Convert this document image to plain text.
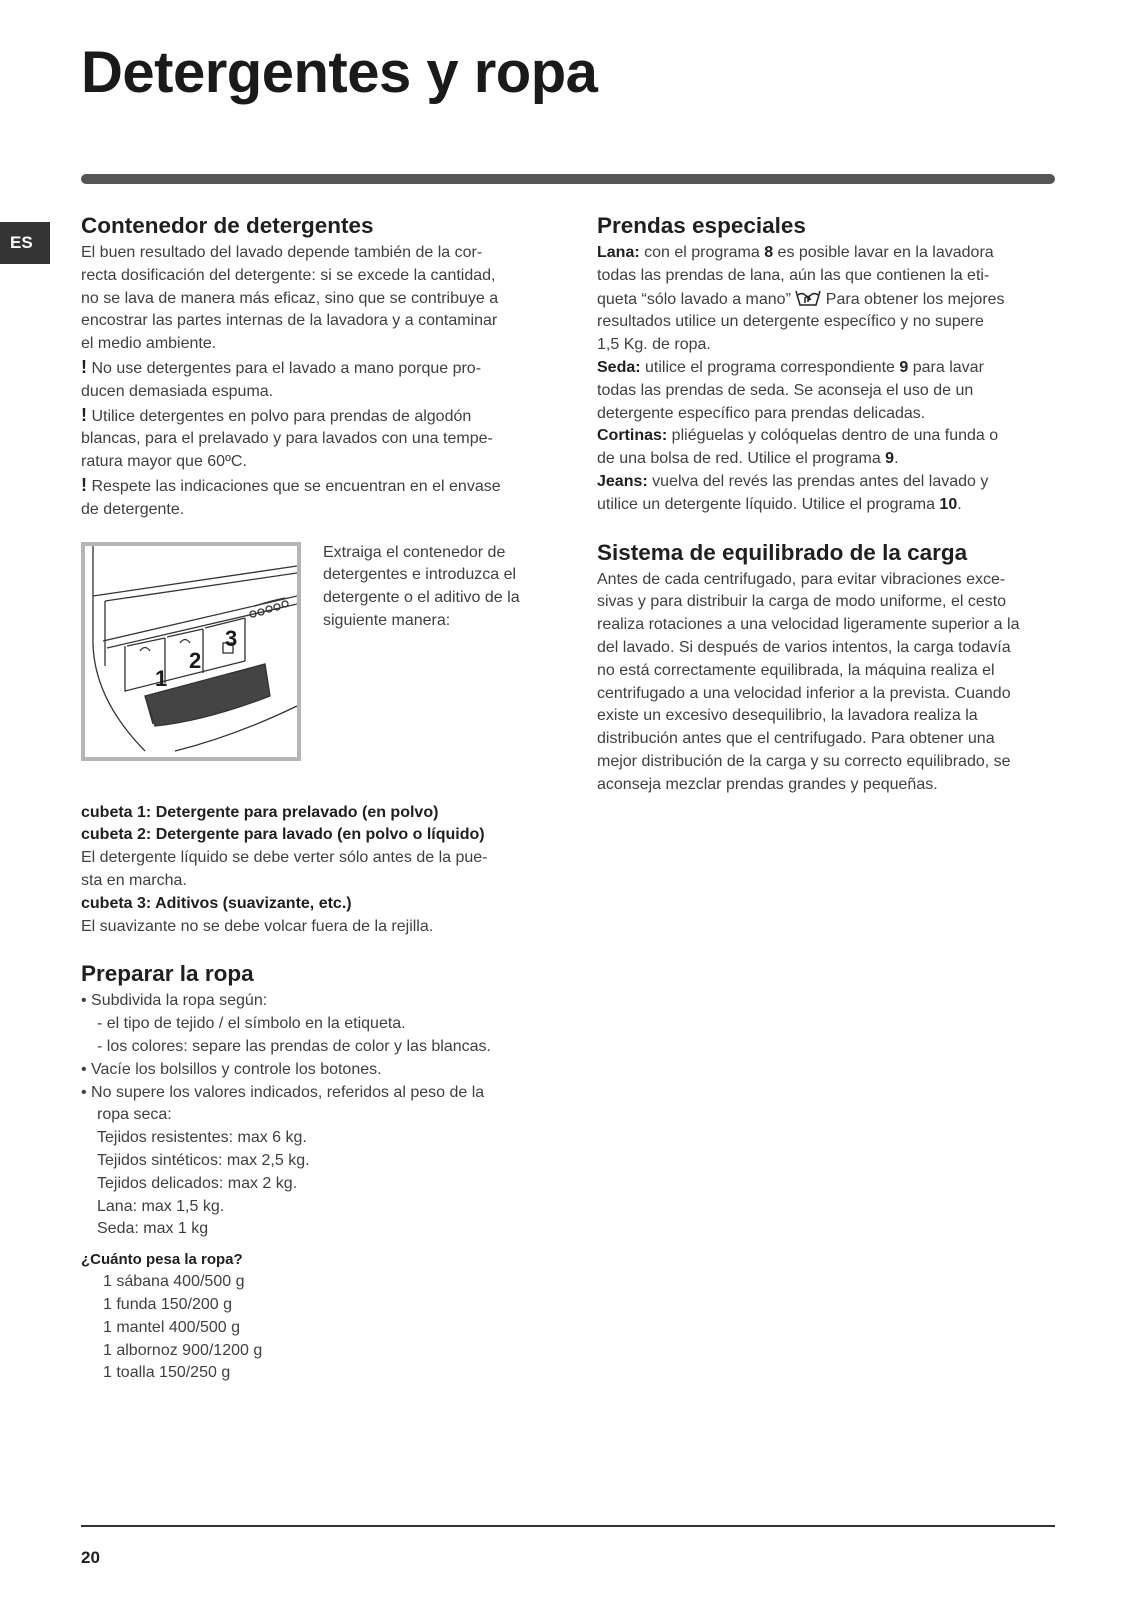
Detergentes y ropa
ES
Contenedor de detergentes
El buen resultado del lavado depende también de la cor-
recta dosificación del detergente: si se excede la cantidad,
no se lava de manera más eficaz, sino que se contribuye a
encostrar las partes internas de la lavadora y a contaminar
el medio ambiente.
! No use detergentes para el lavado a mano porque pro-
ducen demasiada espuma.
! Utilice detergentes en polvo para prendas de algodón
blancas, para el prelavado y para lavados con una tempe-
ratura mayor que 60ºC.
! Respete las indicaciones que se encuentran en el envase
de detergente.
1
2
3
Extraiga el contenedor de
detergentes e introduzca el
detergente o el aditivo de la
siguiente manera:
cubeta 1: Detergente para prelavado (en polvo)
cubeta 2: Detergente para lavado (en polvo o líquido)
El detergente líquido se debe verter sólo antes de la pue-
sta en marcha.
cubeta 3: Aditivos (suavizante, etc.)
El suavizante no se debe volcar fuera de la rejilla.
Preparar la ropa
• Subdivida la ropa según:
- el tipo de tejido / el símbolo en la etiqueta.
- los colores: separe las prendas de color y las blancas.
• Vacíe los bolsillos y controle los botones.
• No supere los valores indicados, referidos al peso de la
ropa seca:
Tejidos resistentes: max 6 kg.
Tejidos sintéticos: max 2,5 kg.
Tejidos delicados: max 2 kg.
Lana: max 1,5 kg.
Seda: max 1 kg
¿Cuánto pesa la ropa?
1 sábana 400/500 g
1 funda 150/200 g
1 mantel 400/500 g
1 albornoz 900/1200 g
1 toalla 150/250 g
Prendas especiales
Lana: con el programa 8 es posible lavar en la lavadora
todas las prendas de lana, aún las que contienen la eti-
queta “sólo lavado a mano”  Para obtener los mejores
resultados utilice un detergente específico y no supere
1,5 Kg. de ropa.
Seda: utilice el programa correspondiente 9 para lavar
todas las prendas de seda. Se aconseja el uso de un
detergente específico para prendas delicadas.
Cortinas: pliéguelas y colóquelas dentro de una funda o
de una bolsa de red. Utilice el programa 9.
Jeans: vuelva del revés las prendas antes del lavado y
utilice un detergente líquido. Utilice el programa 10.
Sistema de equilibrado de la carga
Antes de cada centrifugado, para evitar vibraciones exce-
sivas y para distribuir la carga de modo uniforme, el cesto
realiza rotaciones a una velocidad ligeramente superior a la
del lavado. Si después de varios intentos, la carga todavía
no está correctamente equilibrada, la máquina realiza el
centrifugado a una velocidad inferior a la prevista. Cuando
existe un excesivo desequilibrio, la lavadora realiza la
distribución antes que el centrifugado. Para obtener una
mejor distribución de la carga y su correcto equilibrado, se
aconseja mezclar prendas grandes y pequeñas.
20
